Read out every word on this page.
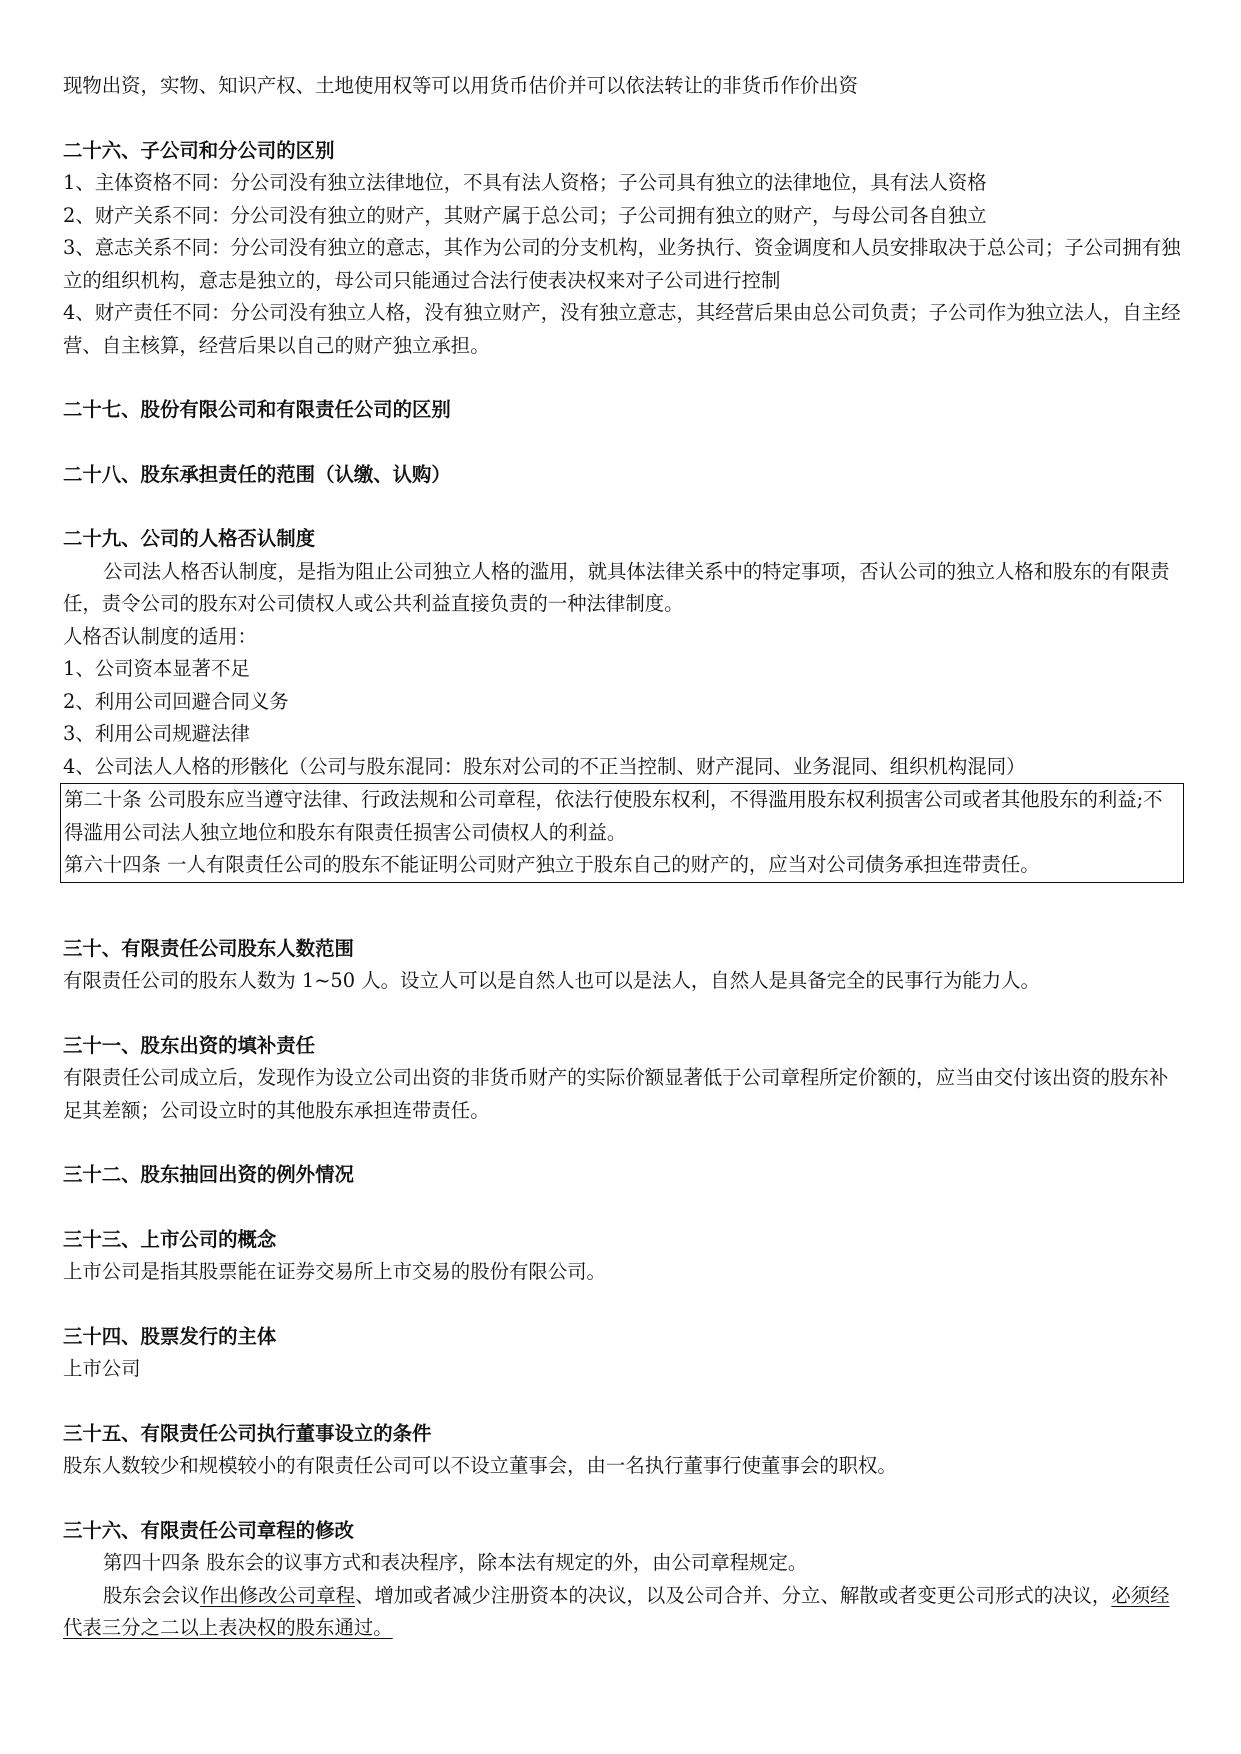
现物出资，实物、知识产权、土地使用权等可以用货币估价并可以依法转让的非货币作价出资

二十六、子公司和分公司的区别

1、主体资格不同：分公司没有独立法律地位，不具有法人资格；子公司具有独立的法律地位，具有法人资格

2、财产关系不同：分公司没有独立的财产，其财产属于总公司；子公司拥有独立的财产，与母公司各自独立

3、意志关系不同：分公司没有独立的意志，其作为公司的分支机构，业务执行、资金调度和人员安排取决于总公司；子公司拥有独立的组织机构，意志是独立的，母公司只能通过合法行使表决权来对子公司进行控制

4、财产责任不同：分公司没有独立人格，没有独立财产，没有独立意志，其经营后果由总公司负责；子公司作为独立法人，自主经营、自主核算，经营后果以自己的财产独立承担。

二十七、股份有限公司和有限责任公司的区别

二十八、股东承担责任的范围（认缴、认购）

二十九、公司的人格否认制度

公司法人格否认制度，是指为阻止公司独立人格的滥用，就具体法律关系中的特定事项，否认公司的独立人格和股东的有限责任，责令公司的股东对公司债权人或公共利益直接负责的一种法律制度。

人格否认制度的适用：

1、公司资本显著不足

2、利用公司回避合同义务

3、利用公司规避法律

4、公司法人人格的形骸化（公司与股东混同：股东对公司的不正当控制、财产混同、业务混同、组织机构混同）

第二十条 公司股东应当遵守法律、行政法规和公司章程，依法行使股东权利，不得滥用股东权利损害公司或者其他股东的利益;不得滥用公司法人独立地位和股东有限责任损害公司债权人的利益。

第六十四条 一人有限责任公司的股东不能证明公司财产独立于股东自己的财产的，应当对公司债务承担连带责任。

三十、有限责任公司股东人数范围

有限责任公司的股东人数为 1~50 人。设立人可以是自然人也可以是法人，自然人是具备完全的民事行为能力人。

三十一、股东出资的填补责任

有限责任公司成立后，发现作为设立公司出资的非货币财产的实际价额显著低于公司章程所定价额的，应当由交付该出资的股东补足其差额；公司设立时的其他股东承担连带责任。

三十二、股东抽回出资的例外情况

三十三、上市公司的概念

上市公司是指其股票能在证券交易所上市交易的股份有限公司。

三十四、股票发行的主体

上市公司

三十五、有限责任公司执行董事设立的条件

股东人数较少和规模较小的有限责任公司可以不设立董事会，由一名执行董事行使董事会的职权。

三十六、有限责任公司章程的修改

第四十四条 股东会的议事方式和表决程序，除本法有规定的外，由公司章程规定。

股东会会议作出修改公司章程、增加或者减少注册资本的决议，以及公司合并、分立、解散或者变更公司形式的决议，必须经代表三分之二以上表决权的股东通过。
